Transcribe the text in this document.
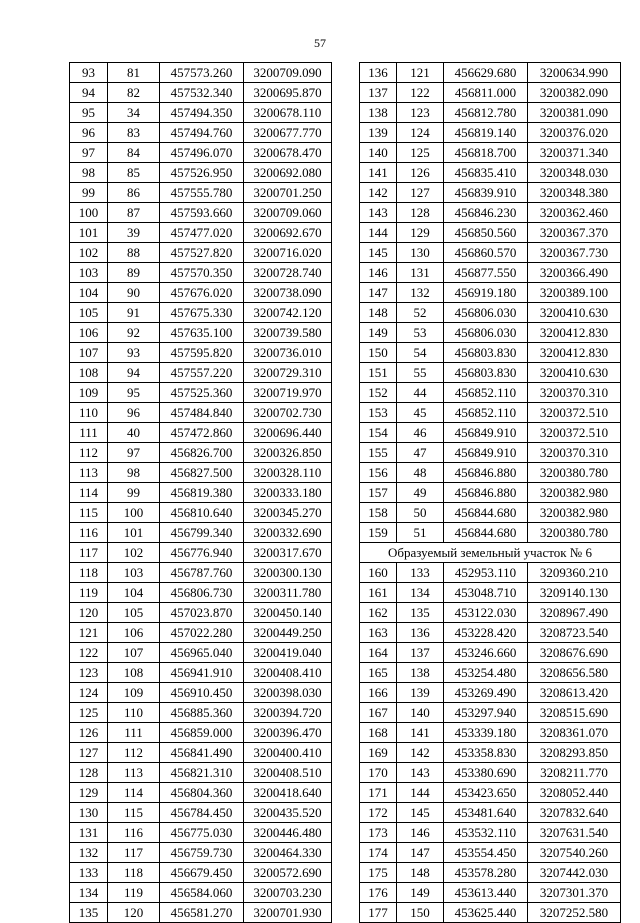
57
93	81	457573.260	3200709.090
94	82	457532.340	3200695.870
95	34	457494.350	3200678.110
96	83	457494.760	3200677.770
97	84	457496.070	3200678.470
98	85	457526.950	3200692.080
99	86	457555.780	3200701.250
100	87	457593.660	3200709.060
101	39	457477.020	3200692.670
102	88	457527.820	3200716.020
103	89	457570.350	3200728.740
104	90	457676.020	3200738.090
105	91	457675.330	3200742.120
106	92	457635.100	3200739.580
107	93	457595.820	3200736.010
108	94	457557.220	3200729.310
109	95	457525.360	3200719.970
110	96	457484.840	3200702.730
111	40	457472.860	3200696.440
112	97	456826.700	3200326.850
113	98	456827.500	3200328.110
114	99	456819.380	3200333.180
115	100	456810.640	3200345.270
116	101	456799.340	3200332.690
117	102	456776.940	3200317.670
118	103	456787.760	3200300.130
119	104	456806.730	3200311.780
120	105	457023.870	3200450.140
121	106	457022.280	3200449.250
122	107	456965.040	3200419.040
123	108	456941.910	3200408.410
124	109	456910.450	3200398.030
125	110	456885.360	3200394.720
126	111	456859.000	3200396.470
127	112	456841.490	3200400.410
128	113	456821.310	3200408.510
129	114	456804.360	3200418.640
130	115	456784.450	3200435.520
131	116	456775.030	3200446.480
132	117	456759.730	3200464.330
133	118	456679.450	3200572.690
134	119	456584.060	3200703.230
135	120	456581.270	3200701.930
136	121	456629.680	3200634.990
137	122	456811.000	3200382.090
138	123	456812.780	3200381.090
139	124	456819.140	3200376.020
140	125	456818.700	3200371.340
141	126	456835.410	3200348.030
142	127	456839.910	3200348.380
143	128	456846.230	3200362.460
144	129	456850.560	3200367.370
145	130	456860.570	3200367.730
146	131	456877.550	3200366.490
147	132	456919.180	3200389.100
148	52	456806.030	3200410.630
149	53	456806.030	3200412.830
150	54	456803.830	3200412.830
151	55	456803.830	3200410.630
152	44	456852.110	3200370.310
153	45	456852.110	3200372.510
154	46	456849.910	3200372.510
155	47	456849.910	3200370.310
156	48	456846.880	3200380.780
157	49	456846.880	3200382.980
158	50	456844.680	3200382.980
159	51	456844.680	3200380.780
Образуемый земельный участок № 6			
160	133	452953.110	3209360.210
161	134	453048.710	3209140.130
162	135	453122.030	3208967.490
163	136	453228.420	3208723.540
164	137	453246.660	3208676.690
165	138	453254.480	3208656.580
166	139	453269.490	3208613.420
167	140	453297.940	3208515.690
168	141	453339.180	3208361.070
169	142	453358.830	3208293.850
170	143	453380.690	3208211.770
171	144	453423.650	3208052.440
172	145	453481.640	3207832.640
173	146	453532.110	3207631.540
174	147	453554.450	3207540.260
175	148	453578.280	3207442.030
176	149	453613.440	3207301.370
177	150	453625.440	3207252.580
